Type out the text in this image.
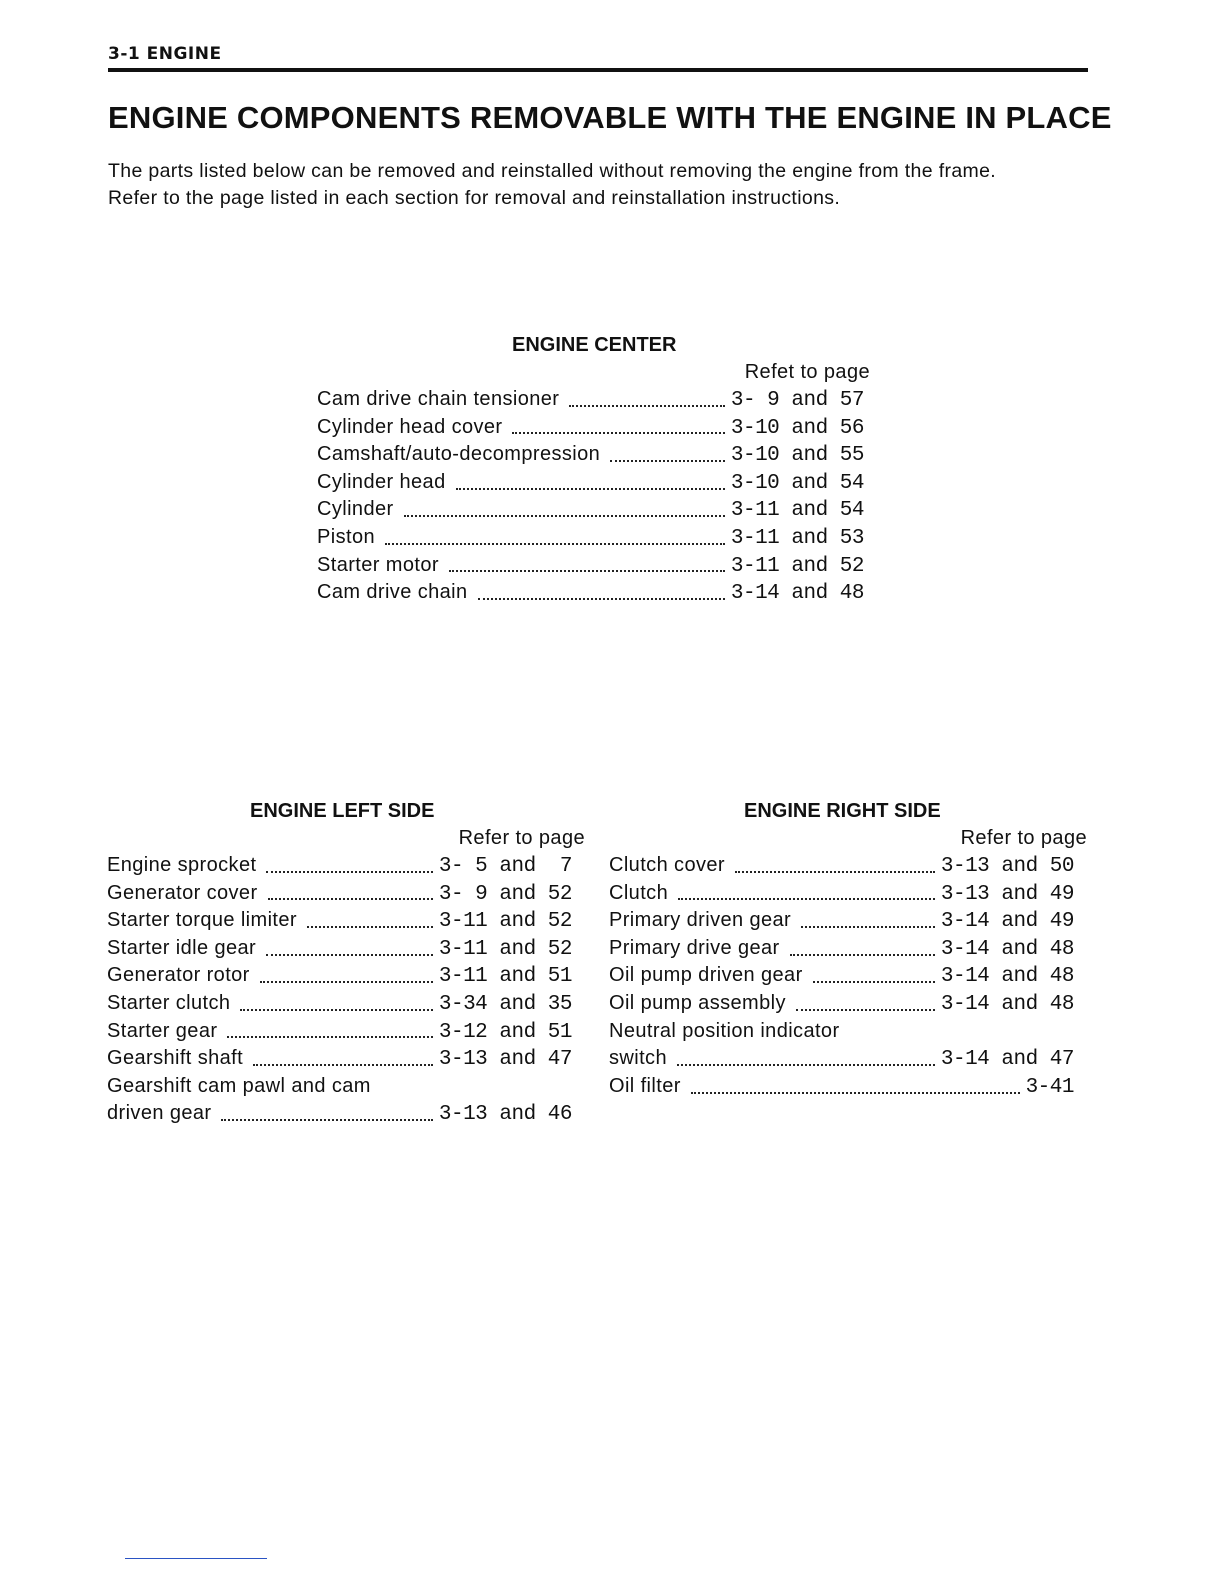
3-1 ENGINE
ENGINE COMPONENTS REMOVABLE WITH THE ENGINE IN PLACE
The parts listed below can be removed and reinstalled without removing the engine from the frame.
Refer to the page listed in each section for removal and reinstallation instructions.
ENGINE CENTER
Refet to page
Cam drive chain tensioner	3- 9 and 57
Cylinder head cover	3-10 and 56
Camshaft/auto-decompression	3-10 and 55
Cylinder head	3-10 and 54
Cylinder	3-11 and 54
Piston	3-11 and 53
Starter motor	3-11 and 52
Cam drive chain	3-14 and 48
ENGINE LEFT SIDE
Refer to page
Engine sprocket	3- 5 and  7
Generator cover	3- 9 and 52
Starter torque limiter	3-11 and 52
Starter idle gear	3-11 and 52
Generator rotor	3-11 and 51
Starter clutch	3-34 and 35
Starter gear	3-12 and 51
Gearshift shaft	3-13 and 47
Gearshift cam pawl and cam
driven gear	3-13 and 46
ENGINE RIGHT SIDE
Refer to page
Clutch cover	3-13 and 50
Clutch	3-13 and 49
Primary driven gear	3-14 and 49
Primary drive gear	3-14 and 48
Oil pump driven gear	3-14 and 48
Oil pump assembly	3-14 and 48
Neutral position indicator
switch	3-14 and 47
Oil filter	3-41
